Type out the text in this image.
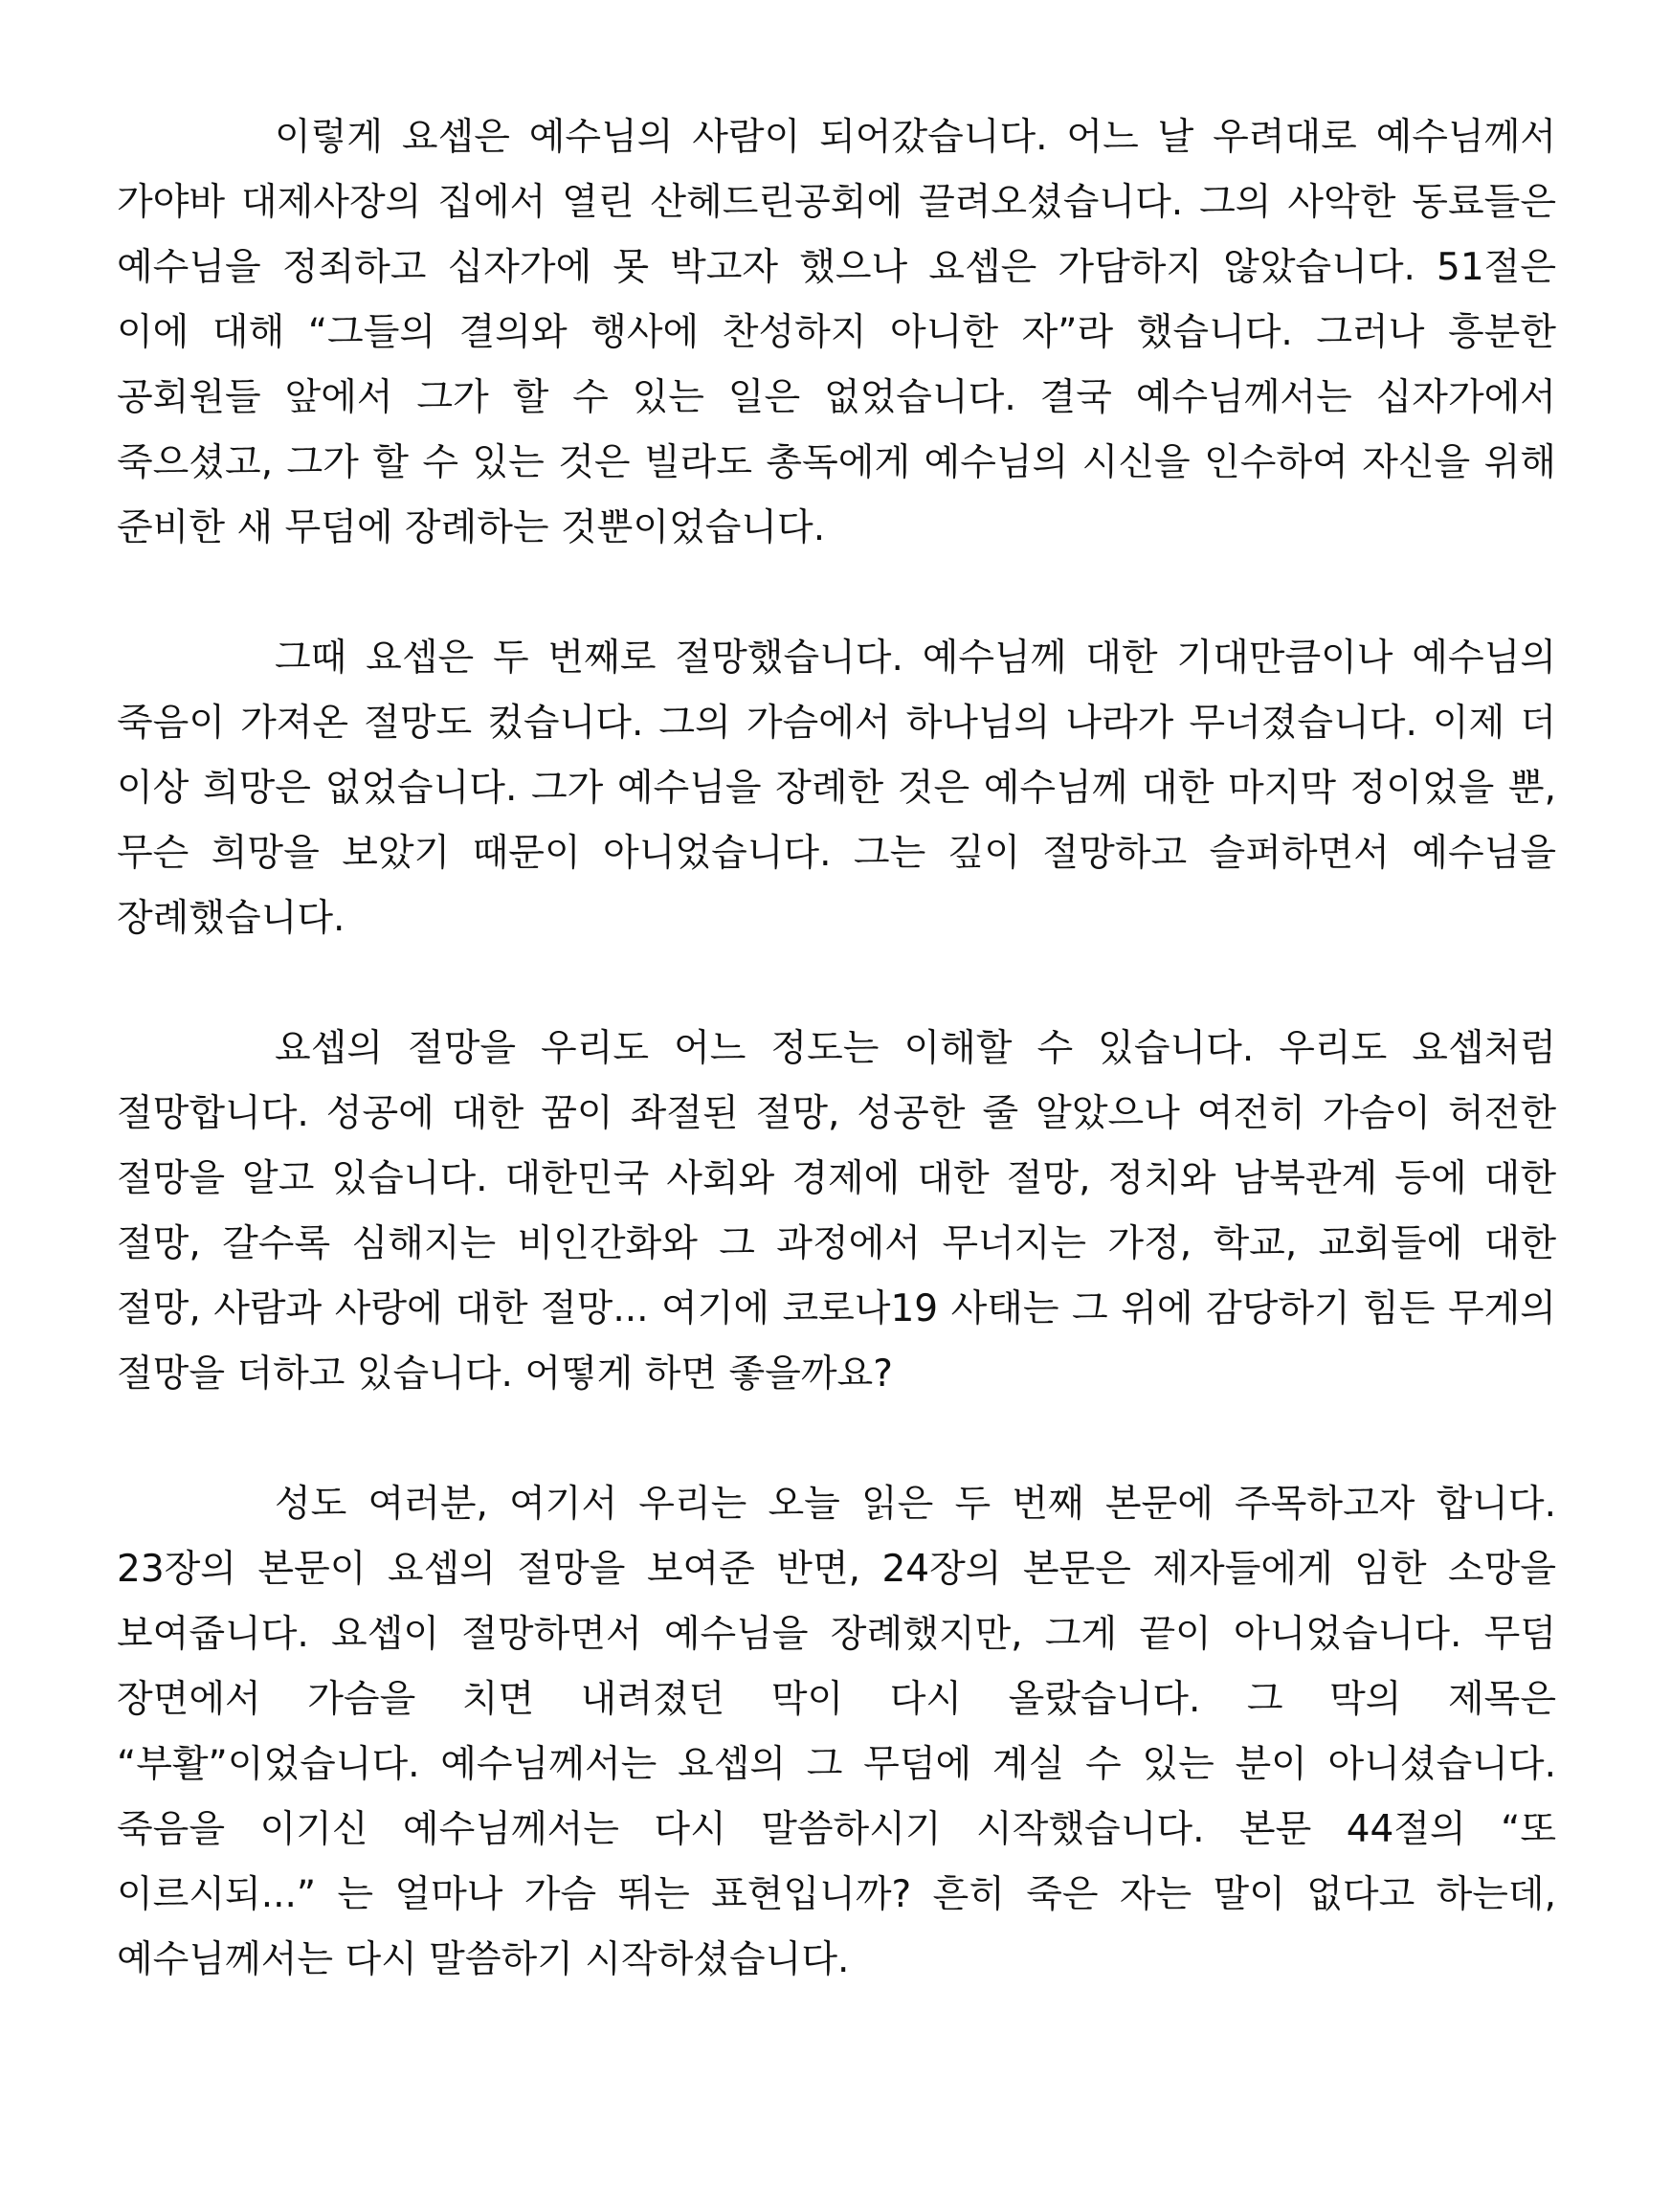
이렇게 요셉은 예수님의 사람이 되어갔습니다. 어느 날 우려대로 예수님께서 가야바 대제사장의 집에서 열린 산헤드린공회에 끌려오셨습니다. 그의 사악한 동료들은 예수님을 정죄하고 십자가에 못 박고자 했으나 요셉은 가담하지 않았습니다. 51절은 이에 대해 “그들의 결의와 행사에 찬성하지 아니한 자”라 했습니다. 그러나 흥분한 공회원들 앞에서 그가 할 수 있는 일은 없었습니다. 결국 예수님께서는 십자가에서 죽으셨고, 그가 할 수 있는 것은 빌라도 총독에게 예수님의 시신을 인수하여 자신을 위해 준비한 새 무덤에 장례하는 것뿐이었습니다.

그때 요셉은 두 번째로 절망했습니다. 예수님께 대한 기대만큼이나 예수님의 죽음이 가져온 절망도 컸습니다. 그의 가슴에서 하나님의 나라가 무너졌습니다. 이제 더 이상 희망은 없었습니다. 그가 예수님을 장례한 것은 예수님께 대한 마지막 정이었을 뿐, 무슨 희망을 보았기 때문이 아니었습니다. 그는 깊이 절망하고 슬퍼하면서 예수님을 장례했습니다.

요셉의 절망을 우리도 어느 정도는 이해할 수 있습니다. 우리도 요셉처럼 절망합니다. 성공에 대한 꿈이 좌절된 절망, 성공한 줄 알았으나 여전히 가슴이 허전한 절망을 알고 있습니다. 대한민국 사회와 경제에 대한 절망, 정치와 남북관계 등에 대한 절망, 갈수록 심해지는 비인간화와 그 과정에서 무너지는 가정, 학교, 교회들에 대한 절망, 사람과 사랑에 대한 절망... 여기에 코로나19 사태는 그 위에 감당하기 힘든 무게의 절망을 더하고 있습니다. 어떻게 하면 좋을까요?

성도 여러분, 여기서 우리는 오늘 읽은 두 번째 본문에 주목하고자 합니다. 23장의 본문이 요셉의 절망을 보여준 반면, 24장의 본문은 제자들에게 임한 소망을 보여줍니다. 요셉이 절망하면서 예수님을 장례했지만, 그게 끝이 아니었습니다. 무덤 장면에서 가슴을 치면 내려졌던 막이 다시 올랐습니다. 그 막의 제목은 “부활”이었습니다. 예수님께서는 요셉의 그 무덤에 계실 수 있는 분이 아니셨습니다. 죽음을 이기신 예수님께서는 다시 말씀하시기 시작했습니다. 본문 44절의 “또 이르시되...” 는 얼마나 가슴 뛰는 표현입니까? 흔히 죽은 자는 말이 없다고 하는데, 예수님께서는 다시 말씀하기 시작하셨습니다.
